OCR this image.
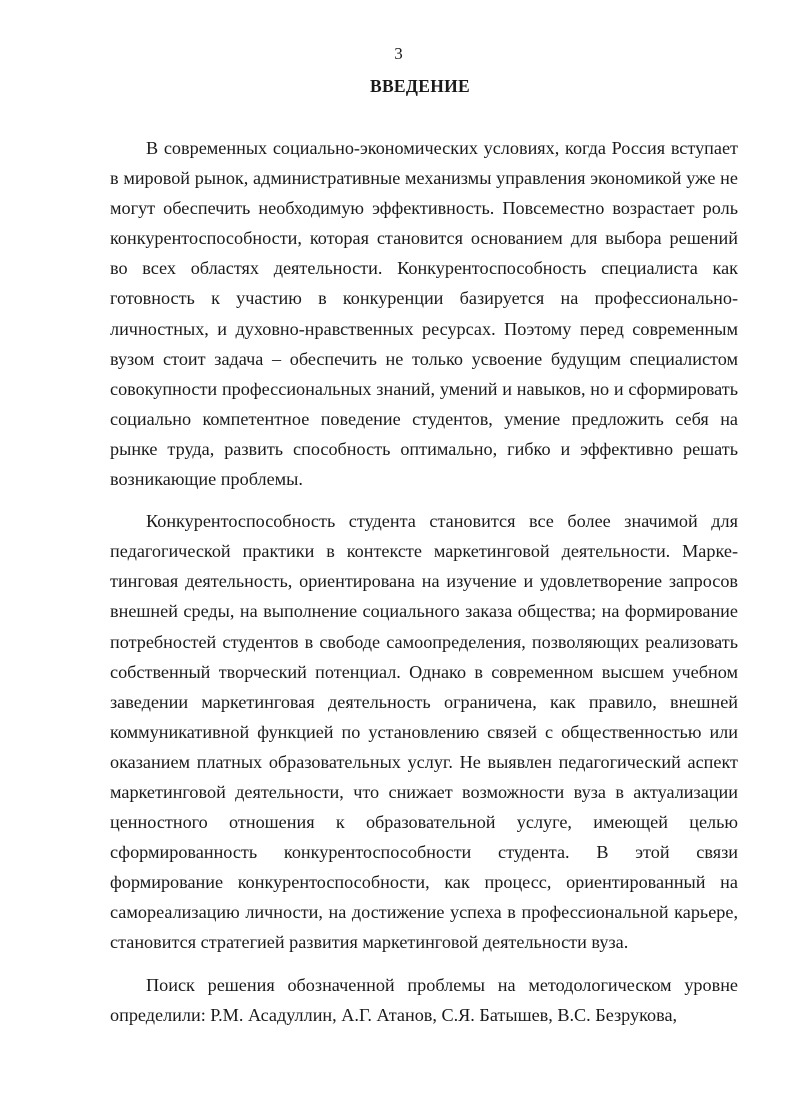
3
ВВЕДЕНИЕ

В современных социально-экономических условиях, когда Россия вступает в мировой рынок, административные механизмы управления экономикой уже не могут обеспечить необходимую эффективность. Повсеместно возрастает роль конкурентоспособности, которая становится основанием для выбора решений во всех областях деятельности. Конкурентоспособность специалиста как готовность к участию в конкуренции базируется на профессионально-личностных, и духовно-нравственных ресурсах. Поэтому перед современным вузом стоит задача – обеспечить не только усвоение будущим специалистом совокупности профессиональных знаний, умений и навыков, но и сформировать социально компетентное поведение студентов, умение предложить себя на рынке труда, развить способность оптимально, гибко и эффективно решать возникающие проблемы.

Конкурентоспособность студента становится все более значимой для педагогической практики в контексте маркетинговой деятельности. Маркетинговая деятельность, ориентирована на изучение и удовлетворение запросов внешней среды, на выполнение социального заказа общества; на формирование потребностей студентов в свободе самоопределения, позволяющих реализовать собственный творческий потенциал. Однако в современном высшем учебном заведении маркетинговая деятельность ограничена, как правило, внешней коммуникативной функцией по установлению связей с общественностью или оказанием платных образовательных услуг. Не выявлен педагогический аспект маркетинговой деятельности, что снижает возможности вуза в актуализации ценностного отношения к образовательной услуге, имеющей целью сформированность конкурентоспособности студента. В этой связи формирование конкурентоспособности, как процесс, ориентированный на самореализацию личности, на достижение успеха в профессиональной карьере, становится стратегией развития маркетинговой деятельности вуза.

Поиск решения обозначенной проблемы на методологическом уровне определили: Р.М. Асадуллин, А.Г. Атанов, С.Я. Батышев, В.С. Безрукова,
